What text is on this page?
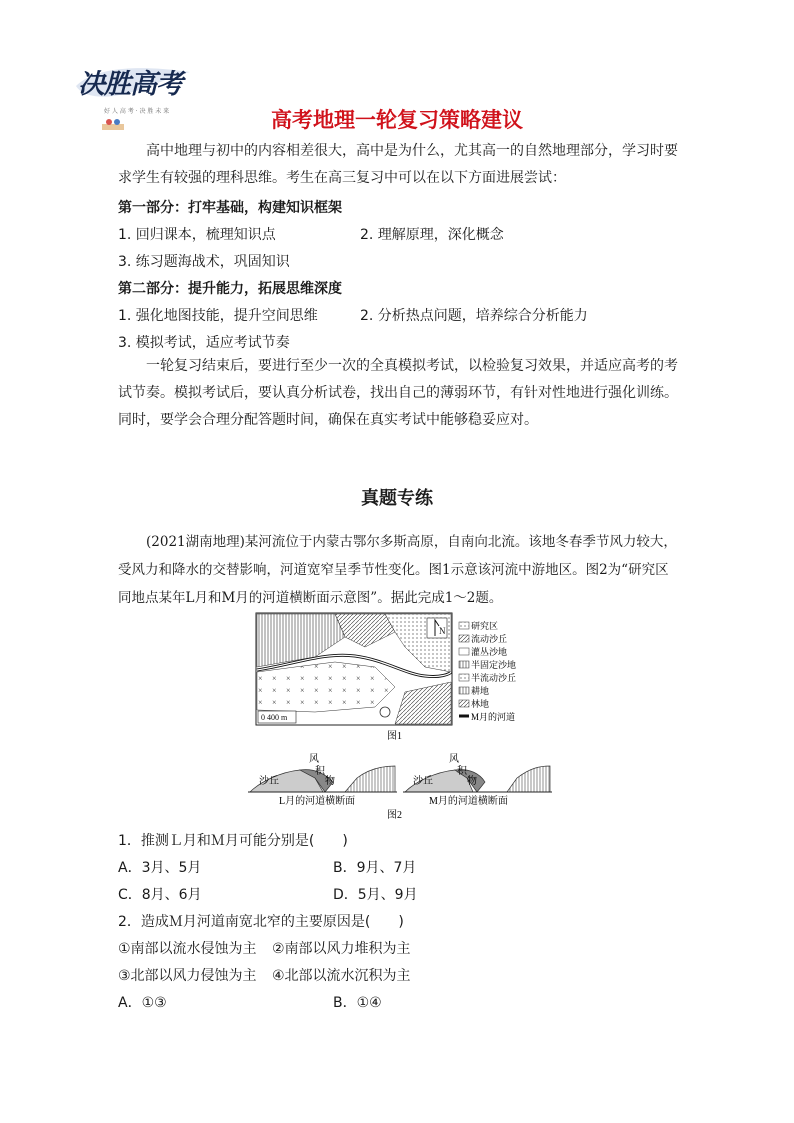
决胜高考
好 人 高 考 · 决 胜 未 来	高考地理一轮复习策略建议
高中地理与初中的内容相差很大，高中是为什么，尤其高一的自然地理部分，学习时要求学生有较强的理科思维。考生在高三复习中可以在以下方面进展尝试：
第一部分：打牢基础，构建知识框架
1. 回归课本，梳理知识点	2. 理解原理，深化概念
3. 练习题海战术，巩固知识
第二部分：提升能力，拓展思维深度
1. 强化地图技能，提升空间思维	2. 分析热点问题，培养综合分析能力
3. 模拟考试，适应考试节奏
一轮复习结束后，要进行至少一次的全真模拟考试，以检验复习效果，并适应高考的考试节奏。模拟考试后，要认真分析试卷，找出自己的薄弱环节，有针对性地进行强化训练。同时，要学会合理分配答题时间，确保在真实考试中能够稳妥应对。
真题专练
(2021湖南地理)某河流位于内蒙古鄂尔多斯高原，自南向北流。该地冬春季节风力较大，受风力和降水的交替影响，河道宽窄呈季节性变化。图1示意该河流中游地区。图2为“研究区同地点某年L月和M月的河道横断面示意图”。据此完成1～2题。
0 400 m
N	研究区
流动沙丘
灌丛沙地
半固定沙地
半流动沙丘
耕地
林地
M月的河道
图1
沙丘
风
积
物
L月的河道横断面
沙丘
风
积
物
M月的河道横断面
图2
1．推测Ｌ月和Ｍ月可能分别是(　　)
A．3月、5月	B．9月、7月
C．8月、6月	D．5月、9月
2．造成Ｍ月河道南宽北窄的主要原因是(　　)
①南部以流水侵蚀为主 ②南部以风力堆积为主
③北部以风力侵蚀为主 ④北部以流水沉积为主
A．①③	B．①④
